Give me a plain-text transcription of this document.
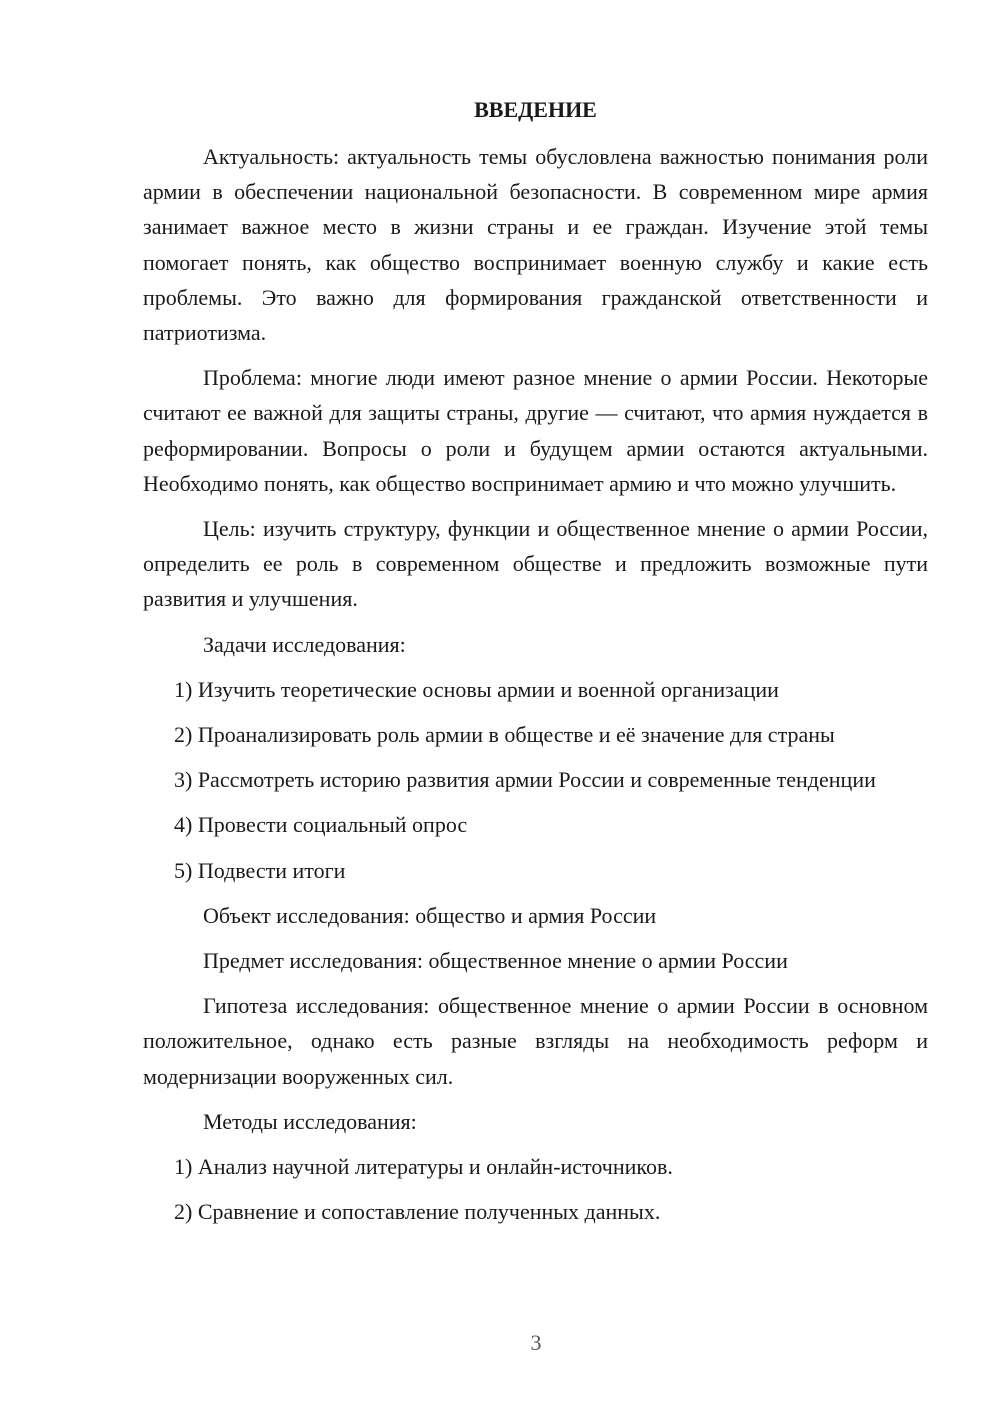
ВВЕДЕНИЕ

Актуальность: актуальность темы обусловлена важностью понимания роли армии в обеспечении национальной безопасности. В современном мире армия занимает важное место в жизни страны и ее граждан. Изучение этой темы помогает понять, как общество воспринимает военную службу и какие есть проблемы. Это важно для формирования гражданской ответственности и патриотизма.

Проблема: многие люди имеют разное мнение о армии России. Некоторые считают ее важной для защиты страны, другие — считают, что армия нуждается в реформировании. Вопросы о роли и будущем армии остаются актуальными. Необходимо понять, как общество воспринимает армию и что можно улучшить.

Цель: изучить структуру, функции и общественное мнение о армии России, определить ее роль в современном обществе и предложить возможные пути развития и улучшения.

Задачи исследования:

1) Изучить теоретические основы армии и военной организации

2) Проанализировать роль армии в обществе и её значение для страны

3) Рассмотреть историю развития армии России и современные тенденции

4) Провести социальный опрос

5) Подвести итоги

Объект исследования: общество и армия России

Предмет исследования: общественное мнение о армии России

Гипотеза исследования: общественное мнение о армии России в основном положительное, однако есть разные взгляды на необходимость реформ и модернизации вооруженных сил.

Методы исследования:

1) Анализ научной литературы и онлайн-источников.

2) Сравнение и сопоставление полученных данных.

3
